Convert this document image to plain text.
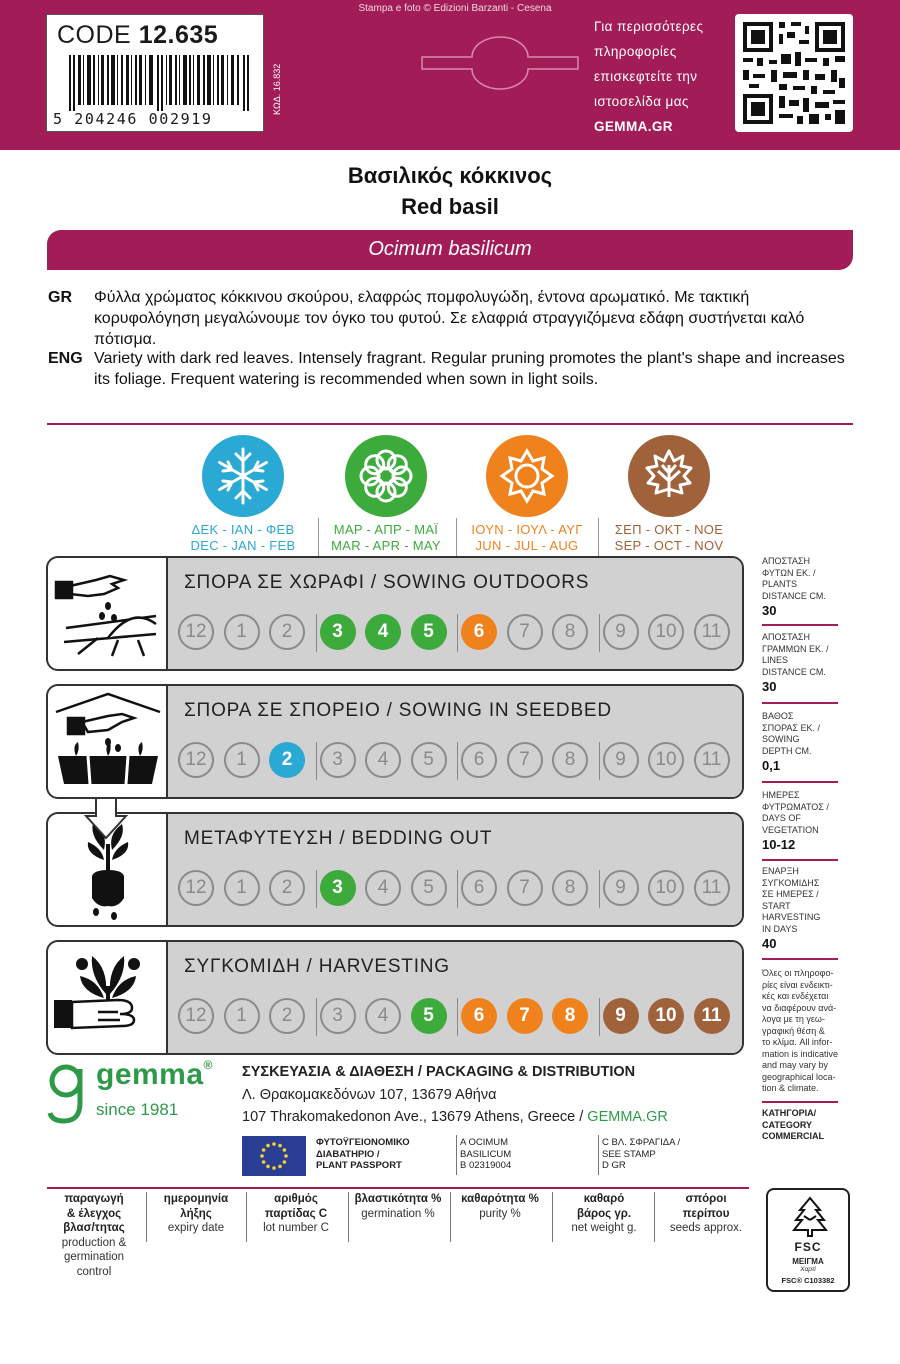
CODE 12.635
5 204246 002919
ΚΩΔ. 16.832
Stampa e foto © Edizioni Barzanti - Cesena
Για περισσότερες
πληροφορίες
επισκεφτείτε την
ιστοσελίδα μας
GEMMA.GR
Βασιλικός κόκκινος
Red basil
Ocimum basilicum
GR Φύλλα χρώματος κόκκινου σκούρου, ελαφρώς πομφολυγώδη, έντονα αρωματικό. Με τακτική κορυφολόγηση μεγαλώνουμε τον όγκο του φυτού. Σε ελαφριά στραγγιζόμενα εδάφη συστήνεται καλό πότισμα.
ENG Variety with dark red leaves. Intensely fragrant. Regular pruning promotes the plant's shape and increases its foliage. Frequent watering is recommended when sown in light soils.
ΔΕΚ - ΙΑΝ - ΦΕΒ
DEC - JAN - FEB
ΜΑΡ - ΑΠΡ - ΜΑΪ
MAR - APR - MAY
ΙΟΥΝ - ΙΟΥΛ - ΑΥΓ
JUN - JUL - AUG
ΣΕΠ - ΟΚΤ - ΝΟΕ
SEP - OCT - NOV
ΣΠΟΡΑ ΣΕ ΧΩΡΑΦΙ / SOWING OUTDOORS
12	1	2	3	4	5	6	7	8	9	10	11
ΣΠΟΡΑ ΣΕ ΣΠΟΡΕΙΟ / SOWING IN SEEDBED
12	1	2	3	4	5	6	7	8	9	10	11
ΜΕΤΑΦΥΤΕΥΣΗ / BEDDING OUT
12	1	2	3	4	5	6	7	8	9	10	11
ΣΥΓΚΟΜΙΔΗ / HARVESTING
12	1	2	3	4	5	6	7	8	9	10	11
ΑΠΟΣΤΑΣΗ
ΦΥΤΩΝ ΕΚ. /
PLANTS
DISTANCE CM.
30
ΑΠΟΣΤΑΣΗ
ΓΡΑΜΜΩΝ ΕΚ. /
LINES
DISTANCE CM.
30
ΒΑΘΟΣ
ΣΠΟΡΑΣ ΕΚ. /
SOWING
DEPTH CM.
0,1
ΗΜΕΡΕΣ
ΦΥΤΡΩΜΑΤΟΣ /
DAYS OF
VEGETATION
10-12
ΕΝΑΡΞΗ
ΣΥΓΚΟΜΙΔΗΣ
ΣΕ ΗΜΕΡΕΣ /
START
HARVESTING
IN DAYS
40
Όλες οι πληροφο-
ρίες είναι ενδεικτι-
κές και ενδέχεται
να διαφέρουν ανά-
λογα με τη γεω-
γραφική θέση &
το κλίμα. All infor-
mation is indicative
and may vary by
geographical loca-
tion & climate.
ΚΑΤΗΓΟΡΙΑ/
CATEGORY
COMMERCIAL
gemma®
since 1981
ΣΥΣΚΕΥΑΣΙΑ & ΔΙΑΘΕΣΗ / PACKAGING & DISTRIBUTION
Λ. Θρακομακεδόνων 107, 13679 Αθήνα
107 Thrakomakedonon Ave., 13679 Athens, Greece / GEMMA.GR
ΦΥΤΟΫΓΕΙΟΝΟΜΙΚΟ
ΔΙΑΒΑΤΗΡΙΟ /
PLANT PASSPORT
A OCIMUM
BASILICUM
B 02319004
C ΒΛ. ΣΦΡΑΓΙΔΑ /
SEE STAMP
D GR
παραγωγή
& έλεγχος
βλασ/τητας
production &
germination
control
ημερομηνία
λήξης
expiry date
αριθμός
παρτίδας C
lot number C
βλαστικότητα %
germination %
καθαρότητα %
purity %
καθαρό
βάρος γρ.
net weight g.
σπόροι
περίπου
seeds approx.
FSC
ΜΕΙΓΜΑ
Χαρτί
FSC® C103382
